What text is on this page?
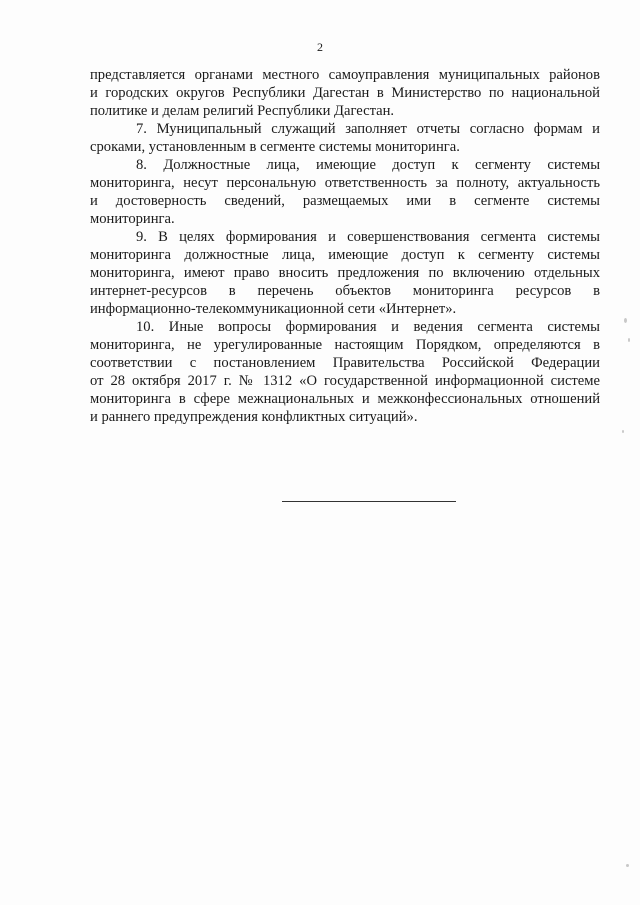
2

представляется органами местного самоуправления муниципальных районов
и городских округов Республики Дагестан в Министерство по национальной
политике и делам религий Республики Дагестан.

7. Муниципальный служащий заполняет отчеты согласно формам и
сроками, установленным в сегменте системы мониторинга.

8. Должностные лица, имеющие доступ к сегменту системы
мониторинга, несут персональную ответственность за полноту, актуальность
и достоверность сведений, размещаемых ими в сегменте системы
мониторинга.

9. В целях формирования и совершенствования сегмента системы
мониторинга должностные лица, имеющие доступ к сегменту системы
мониторинга, имеют право вносить предложения по включению отдельных
интернет-ресурсов в перечень объектов мониторинга ресурсов в
информационно-телекоммуникационной сети «Интернет».

10. Иные вопросы формирования и ведения сегмента системы
мониторинга, не урегулированные настоящим Порядком, определяются в
соответствии с постановлением Правительства Российской Федерации
от 28 октября 2017 г. № 1312 «О государственной информационной системе
мониторинга в сфере межнациональных и межконфессиональных отношений
и раннего предупреждения конфликтных ситуаций».
